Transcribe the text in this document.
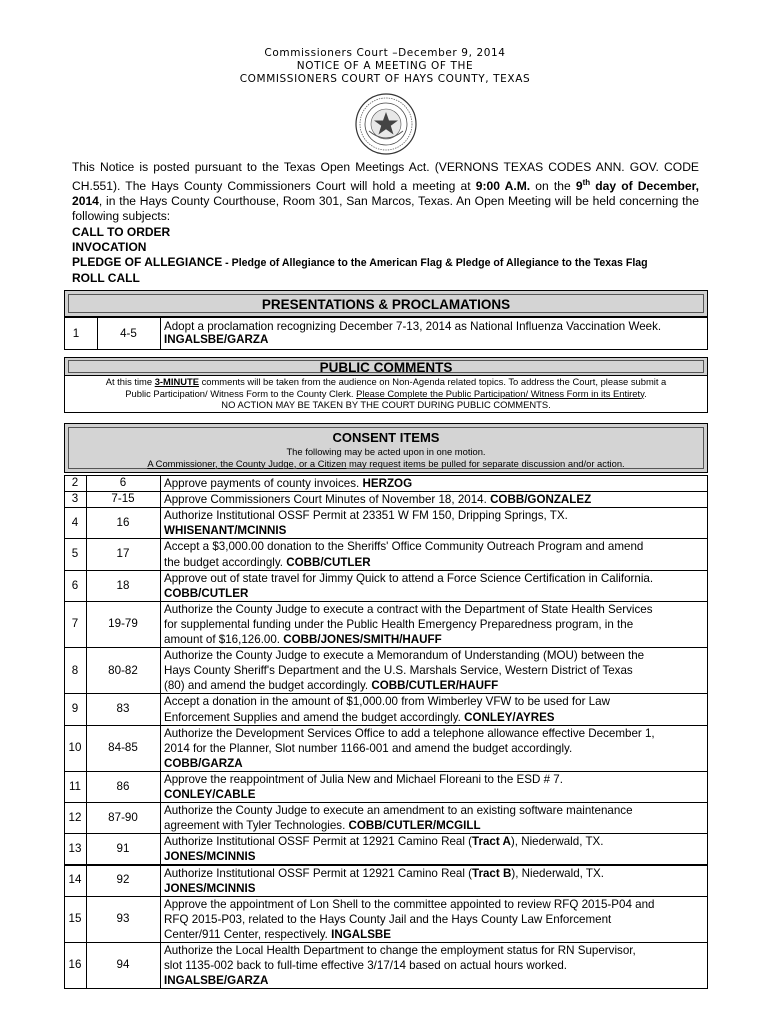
Commissioners Court –December 9, 2014
NOTICE OF A MEETING OF THE
COMMISSIONERS COURT OF HAYS COUNTY, TEXAS
This Notice is posted pursuant to the Texas Open Meetings Act. (VERNONS TEXAS CODES ANN. GOV. CODE CH.551). The Hays County Commissioners Court will hold a meeting at 9:00 A.M. on the 9th day of December, 2014, in the Hays County Courthouse, Room 301, San Marcos, Texas. An Open Meeting will be held concerning the following subjects:
CALL TO ORDER
INVOCATION
PLEDGE OF ALLEGIANCE - Pledge of Allegiance to the American Flag & Pledge of Allegiance to the Texas Flag
ROLL CALL
PRESENTATIONS & PROCLAMATIONS
1	4-5
Adopt a proclamation recognizing December 7-13, 2014 as National Influenza Vaccination Week. INGALSBE/GARZA
PUBLIC COMMENTS
At this time 3-MINUTE comments will be taken from the audience on Non-Agenda related topics. To address the Court, please submit a
Public Participation/ Witness Form to the County Clerk. Please Complete the Public Participation/ Witness Form in its Entirety.
NO ACTION MAY BE TAKEN BY THE COURT DURING PUBLIC COMMENTS.
CONSENT ITEMS
The following may be acted upon in one motion.
A Commissioner, the County Judge, or a Citizen may request items be pulled for separate discussion and/or action.
2	6	Approve payments of county invoices. HERZOG
3	7-15	Approve Commissioners Court Minutes of November 18, 2014. COBB/GONZALEZ
4	16
Authorize Institutional OSSF Permit at 23351 W FM 150, Dripping Springs, TX.
WHISENANT/MCINNIS
5	17
Accept a $3,000.00 donation to the Sheriffs' Office Community Outreach Program and amend
the budget accordingly. COBB/CUTLER
6	18
Approve out of state travel for Jimmy Quick to attend a Force Science Certification in California.
COBB/CUTLER
7	19-79
Authorize the County Judge to execute a contract with the Department of State Health Services
for supplemental funding under the Public Health Emergency Preparedness program, in the
amount of $16,126.00. COBB/JONES/SMITH/HAUFF
8	80-82
Authorize the County Judge to execute a Memorandum of Understanding (MOU) between the
Hays County Sheriff's Department and the U.S. Marshals Service, Western District of Texas
(80) and amend the budget accordingly. COBB/CUTLER/HAUFF
9	83
Accept a donation in the amount of $1,000.00 from Wimberley VFW to be used for Law
Enforcement Supplies and amend the budget accordingly. CONLEY/AYRES
10	84-85
Authorize the Development Services Office to add a telephone allowance effective December 1,
2014 for the Planner, Slot number 1166-001 and amend the budget accordingly.
COBB/GARZA
11	86
Approve the reappointment of Julia New and Michael Floreani to the ESD # 7.
CONLEY/CABLE
12	87-90
Authorize the County Judge to execute an amendment to an existing software maintenance
agreement with Tyler Technologies. COBB/CUTLER/MCGILL
13	91
Authorize Institutional OSSF Permit at 12921 Camino Real (Tract A), Niederwald, TX.
JONES/MCINNIS
14	92
Authorize Institutional OSSF Permit at 12921 Camino Real (Tract B), Niederwald, TX.
JONES/MCINNIS
15	93
Approve the appointment of Lon Shell to the committee appointed to review RFQ 2015-P04 and
RFQ 2015-P03, related to the Hays County Jail and the Hays County Law Enforcement
Center/911 Center, respectively. INGALSBE
16	94
Authorize the Local Health Department to change the employment status for RN Supervisor,
slot 1135-002 back to full-time effective 3/17/14 based on actual hours worked.
INGALSBE/GARZA
